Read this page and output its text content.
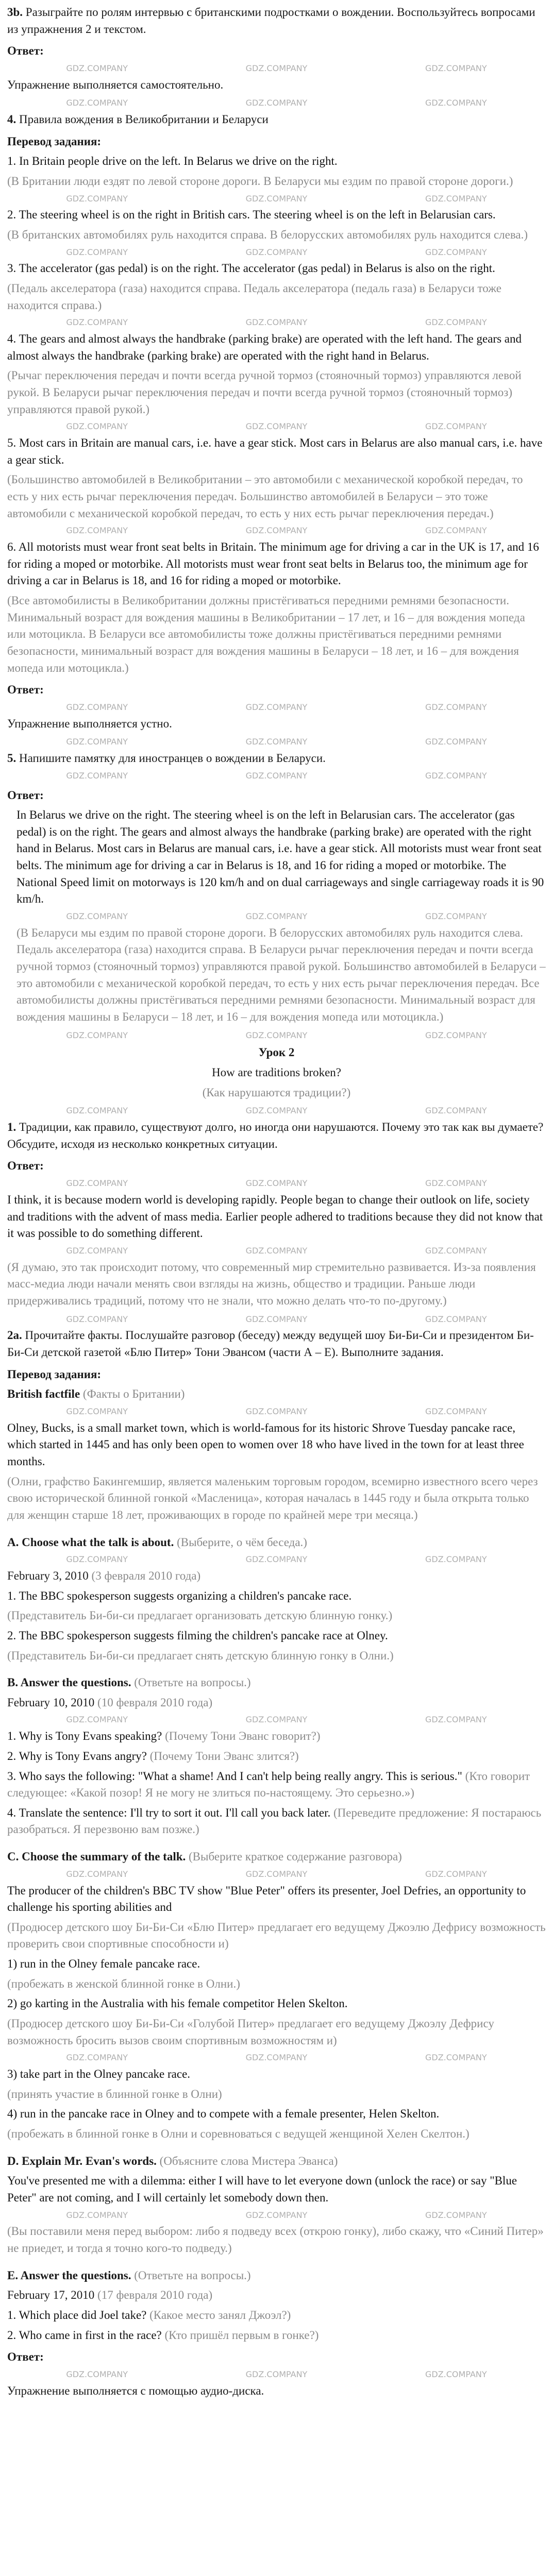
3b. Разыграйте по ролям интервью с британскими подростками о вождении. Воспользуйтесь вопросами из упражнения 2 и текстом.

Ответ:

GDZ.COMPANY	GDZ.COMPANY	GDZ.COMPANY

Упражнение выполняется самостоятельно.

GDZ.COMPANY	GDZ.COMPANY	GDZ.COMPANY

4. Правила вождения в Великобритании и Беларуси

Перевод задания:

1. In Britain people drive on the left. In Belarus we drive on the right.

(В Британии люди ездят по левой стороне дороги. В Беларуси мы ездим по правой стороне дороги.)

GDZ.COMPANY	GDZ.COMPANY	GDZ.COMPANY

2. The steering wheel is on the right in British cars. The steering wheel is on the left in Belarusian cars.

(В британских автомобилях руль находится справа. В белорусских автомобилях руль находится слева.)

GDZ.COMPANY	GDZ.COMPANY	GDZ.COMPANY

3. The accelerator (gas pedal) is on the right. The accelerator (gas pedal) in Belarus is also on the right.

(Педаль акселератора (газа) находится справа. Педаль акселератора (педаль газа) в Беларуси тоже находится справа.)

GDZ.COMPANY	GDZ.COMPANY	GDZ.COMPANY

4. The gears and almost always the handbrake (parking brake) are operated with the left hand. The gears and almost always the handbrake (parking brake) are operated with the right hand in Belarus.

(Рычаг переключения передач и почти всегда ручной тормоз (стояночный тормоз) управляются левой рукой. В Беларуси рычаг переключения передач и почти всегда ручной тормоз (стояночный тормоз) управляются правой рукой.)

GDZ.COMPANY	GDZ.COMPANY	GDZ.COMPANY

5. Most cars in Britain are manual cars, i.e. have a gear stick. Most cars in Belarus are also manual cars, i.e. have a gear stick.

(Большинство автомобилей в Великобритании – это автомобили с механической коробкой передач, то есть у них есть рычаг переключения передач. Большинство автомобилей в Беларуси – это тоже автомобили с механической коробкой передач, то есть у них есть рычаг переключения передач.)

GDZ.COMPANY	GDZ.COMPANY	GDZ.COMPANY

6. All motorists must wear front seat belts in Britain. The minimum age for driving a car in the UK is 17, and 16 for riding a moped or motorbike. All motorists must wear front seat belts in Belarus too, the minimum age for driving a car in Belarus is 18, and 16 for riding a moped or motorbike.

(Все автомобилисты в Великобритании должны пристёгиваться передними ремнями безопасности. Минимальный возраст для вождения машины в Великобритании – 17 лет, и 16 – для вождения мопеда или мотоцикла. В Беларуси все автомобилисты тоже должны пристёгиваться передними ремнями безопасности, минимальный возраст для вождения машины в Беларуси – 18 лет, и 16 – для вождения мопеда или мотоцикла.)

Ответ:

GDZ.COMPANY	GDZ.COMPANY	GDZ.COMPANY

Упражнение выполняется устно.

GDZ.COMPANY	GDZ.COMPANY	GDZ.COMPANY

5. Напишите памятку для иностранцев о вождении в Беларуси.

GDZ.COMPANY	GDZ.COMPANY	GDZ.COMPANY

Ответ:

In Belarus we drive on the right. The steering wheel is on the left in Belarusian cars. The accelerator (gas pedal) is on the right. The gears and almost always the handbrake (parking brake) are operated with the right hand in Belarus. Most cars in Belarus are manual cars, i.e. have a gear stick. All motorists must wear front seat belts. The minimum age for driving a car in Belarus is 18, and 16 for riding a moped or motorbike. The National Speed limit on motorways is 120 km/h and on dual carriageways and single carriageway roads it is 90 km/h.

GDZ.COMPANY	GDZ.COMPANY	GDZ.COMPANY

(В Беларуси мы ездим по правой стороне дороги. В белорусских автомобилях руль находится слева. Педаль акселератора (газа) находится справа. В Беларуси рычаг переключения передач и почти всегда ручной тормоз (стояночный тормоз) управляются правой рукой. Большинство автомобилей в Беларуси – это автомобили с механической коробкой передач, то есть у них есть рычаг переключения передач. Все автомобилисты должны пристёгиваться передними ремнями безопасности. Минимальный возраст для вождения машины в Беларуси – 18 лет, и 16 – для вождения мопеда или мотоцикла.)

GDZ.COMPANY	GDZ.COMPANY	GDZ.COMPANY

Урок 2

How are traditions broken?

(Как нарушаются традиции?)

GDZ.COMPANY	GDZ.COMPANY	GDZ.COMPANY

1. Традиции, как правило, существуют долго, но иногда они нарушаются. Почему это так как вы думаете? Обсудите, исходя из несколько конкретных ситуации.

Ответ:

GDZ.COMPANY	GDZ.COMPANY	GDZ.COMPANY

I think, it is because modern world is developing rapidly. People began to change their outlook on life, society and traditions with the advent of mass media. Earlier people adhered to traditions because they did not know that it was possible to do something different.

GDZ.COMPANY	GDZ.COMPANY	GDZ.COMPANY

(Я думаю, это так происходит потому, что современный мир стремительно развивается. Из-за появления масс-медиа люди начали менять свои взгляды на жизнь, общество и традиции. Раньше люди придерживались традиций, потому что не знали, что можно делать что-то по-другому.)

GDZ.COMPANY	GDZ.COMPANY	GDZ.COMPANY

2a. Прочитайте факты. Послушайте разговор (беседу) между ведущей шоу Би-Би-Си и президентом Би-Би-Си детской газетой «Блю Питер» Тони Эвансом (части А – Е). Выполните задания.

Перевод задания:

British factfile (Факты о Британии)

GDZ.COMPANY	GDZ.COMPANY	GDZ.COMPANY

Olney, Bucks, is a small market town, which is world-famous for its historic Shrove Tuesday pancake race, which started in 1445 and has only been open to women over 18 who have lived in the town for at least three months.

(Олни, графство Бакингемшир, является маленьким торговым городом, всемирно известного всего через свою исторической блинной гонкой «Масленица», которая началась в 1445 году и была открыта только для женщин старше 18 лет, проживающих в городе по крайней мере три месяца.)

A. Choose what the talk is about. (Выберите, о чём беседа.)

GDZ.COMPANY	GDZ.COMPANY	GDZ.COMPANY

February 3, 2010 (3 февраля 2010 года)

1. The BBC spokesperson suggests organizing a children's pancake race.

(Представитель Би-би-си предлагает организовать детскую блинную гонку.)

2. The BBC spokesperson suggests filming the children's pancake race at Olney.

(Представитель Би-би-си предлагает снять детскую блинную гонку в Олни.)

B. Answer the questions. (Ответьте на вопросы.)

February 10, 2010 (10 февраля 2010 года)

GDZ.COMPANY	GDZ.COMPANY	GDZ.COMPANY

1. Why is Tony Evans speaking? (Почему Тони Эванс говорит?)

2. Why is Tony Evans angry? (Почему Тони Эванс злится?)

3. Who says the following: "What a shame! And I can't help being really angry. This is serious." (Кто говорит следующее: «Какой позор! Я не могу не злиться по-настоящему. Это серьезно.»)

4. Translate the sentence: I'll try to sort it out. I'll call you back later. (Переведите предложение: Я постараюсь разобраться. Я перезвоню вам позже.)

C. Choose the summary of the talk. (Выберите краткое содержание разговора)

GDZ.COMPANY	GDZ.COMPANY	GDZ.COMPANY

The producer of the children's BBC TV show "Blue Peter" offers its presenter, Joel Defries, an opportunity to challenge his sporting abilities and

(Продюсер детского шоу Би-Би-Си «Блю Питер» предлагает его ведущему Джоэлю Дефрису возможность проверить свои спортивные способности и)

1) run in the Olney female pancake race.

(пробежать в женской блинной гонке в Олни.)

2) go karting in the Australia with his female competitor Helen Skelton.

(Продюсер детского шоу Би-Би-Си «Голубой Питер» предлагает его ведущему Джоэлу Дефрису возможность бросить вызов своим спортивным возможностям и)

GDZ.COMPANY	GDZ.COMPANY	GDZ.COMPANY

3) take part in the Olney pancake race.

(принять участие в блинной гонке в Олни)

4) run in the pancake race in Olney and to compete with a female presenter, Helen Skelton.

(пробежать в блинной гонке в Олни и соревноваться с ведущей женщиной Хелен Скелтон.)

D. Explain Mr. Evan's words. (Объясните слова Мистера Эванса)

You've presented me with a dilemma: either I will have to let everyone down (unlock the race) or say "Blue Peter" are not coming, and I will certainly let somebody down then.

GDZ.COMPANY	GDZ.COMPANY	GDZ.COMPANY

(Вы поставили меня перед выбором: либо я подведу всех (открою гонку), либо скажу, что «Синий Питер» не приедет, и тогда я точно кого-то подведу.)

E. Answer the questions. (Ответьте на вопросы.)

February 17, 2010 (17 февраля 2010 года)

1. Which place did Joel take? (Какое место занял Джоэл?)

2. Who came in first in the race? (Кто пришёл первым в гонке?)

Ответ:

GDZ.COMPANY	GDZ.COMPANY	GDZ.COMPANY

Упражнение выполняется с помощью аудио-диска.
